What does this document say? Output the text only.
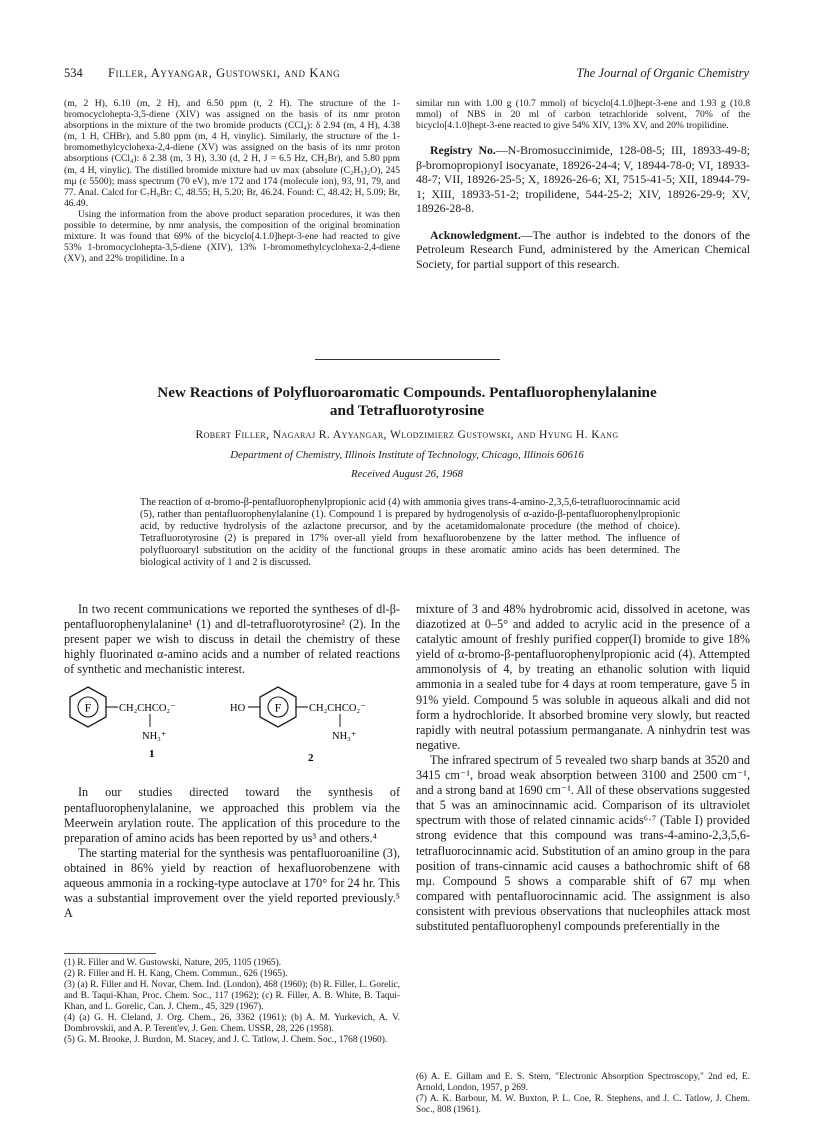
534 Filler, Ayyangar, Gustowski, and Kang	The Journal of Organic Chemistry

(m, 2 H), 6.10 (m, 2 H), and 6.50 ppm (t, 2 H). The structure of the 1-bromocyclohepta-3,5-diene (XIV) was assigned on the basis of its nmr proton absorptions in the mixture of the two bromide products (CCl₄): δ 2.94 (m, 4 H), 4.38 (m, 1 H, CHBr), and 5.80 ppm (m, 4 H, vinylic). Similarly, the structure of the 1-bromomethylcyclohexa-2,4-diene (XV) was assigned on the basis of its nmr proton absorptions (CCl₄): δ 2.38 (m, 3 H), 3.30 (d, 2 H, J = 6.5 Hz, CH₂Br), and 5.80 ppm (m, 4 H, vinylic). The distilled bromide mixture had uv max (absolute (C₂H₅)₂O), 245 mμ (ε 5500); mass spectrum (70 eV), m/e 172 and 174 (molecule ion), 93, 91, 79, and 77. Anal. Calcd for C₇H₉Br: C, 48.55; H, 5.20; Br, 46.24. Found: C, 48.42; H, 5.09; Br, 46.49.

Using the information from the above product separation procedures, it was then possible to determine, by nmr analysis, the composition of the original bromination mixture. It was found that 69% of the bicyclo[4.1.0]hept-3-ene had reacted to give 53% 1-bromocyclohepta-3,5-diene (XIV), 13% 1-bromomethylcyclohexa-2,4-diene (XV), and 22% tropilidine. In a

similar run with 1.00 g (10.7 mmol) of bicyclo[4.1.0]hept-3-ene and 1.93 g (10.8 mmol) of NBS in 20 ml of carbon tetrachloride solvent, 70% of the bicyclo[4.1.0]hept-3-ene reacted to give 54% XIV, 13% XV, and 20% tropilidine.

Registry No.—N-Bromosuccinimide, 128-08-5; III, 18933-49-8; β-bromopropionyl isocyanate, 18926-24-4; V, 18944-78-0; VI, 18933-48-7; VII, 18926-25-5; X, 18926-26-6; XI, 7515-41-5; XII, 18944-79-1; XIII, 18933-51-2; tropilidene, 544-25-2; XIV, 18926-29-9; XV, 18926-28-8.

Acknowledgment.—The author is indebted to the donors of the Petroleum Research Fund, administered by the American Chemical Society, for partial support of this research.

New Reactions of Polyfluoroaromatic Compounds. Pentafluorophenylalanine
and Tetrafluorotyrosine
Robert Filler, Nagaraj R. Ayyangar, Wlodzimierz Gustowski, and Hyung H. Kang
Department of Chemistry, Illinois Institute of Technology, Chicago, Illinois 60616
Received August 26, 1968
The reaction of α-bromo-β-pentafluorophenylpropionic acid (4) with ammonia gives trans-4-amino-2,3,5,6-tetrafluorocinnamic acid (5), rather than pentafluorophenylalanine (1). Compound 1 is prepared by hydrogenolysis of α-azido-β-pentafluorophenylpropionic acid, by reductive hydrolysis of the azlactone precursor, and by the acetamidomalonate procedure (the method of choice). Tetrafluorotyrosine (2) is prepared in 17% over-all yield from hexafluorobenzene by the latter method. The influence of polyfluoroaryl substitution on the acidity of the functional groups in these aromatic amino acids has been determined. The biological activity of 1 and 2 is discussed.

In two recent communications we reported the syntheses of dl-β-pentafluorophenylalanine¹ (1) and dl-tetrafluorotyrosine² (2). In the present paper we wish to discuss in detail the chemistry of these highly fluorinated α-amino acids and a number of related reactions of synthetic and mechanistic interest.

F	CH₂CHCO₂⁻
NH₃⁺
1
HO F	CH₂CHCO₂⁻
NH₃⁺
2

In our studies directed toward the synthesis of pentafluorophenylalanine, we approached this problem via the Meerwein arylation route. The application of this procedure to the preparation of amino acids has been reported by us³ and others.⁴

The starting material for the synthesis was pentafluoroaniline (3), obtained in 86% yield by reaction of hexafluorobenzene with aqueous ammonia in a rocking-type autoclave at 170° for 24 hr. This was a substantial improvement over the yield reported previously.⁵ A

mixture of 3 and 48% hydrobromic acid, dissolved in acetone, was diazotized at 0–5° and added to acrylic acid in the presence of a catalytic amount of freshly purified copper(I) bromide to give 18% yield of α-bromo-β-pentafluorophenylpropionic acid (4). Attempted ammonolysis of 4, by treating an ethanolic solution with liquid ammonia in a sealed tube for 4 days at room temperature, gave 5 in 91% yield. Compound 5 was soluble in aqueous alkali and did not form a hydrochloride. It absorbed bromine very slowly, but reacted rapidly with neutral potassium permanganate. A ninhydrin test was negative.

The infrared spectrum of 5 revealed two sharp bands at 3520 and 3415 cm⁻¹, broad weak absorption between 3100 and 2500 cm⁻¹, and a strong band at 1690 cm⁻¹. All of these observations suggested that 5 was an aminocinnamic acid. Comparison of its ultraviolet spectrum with those of related cinnamic acids⁶·⁷ (Table I) provided strong evidence that this compound was trans-4-amino-2,3,5,6-tetrafluorocinnamic acid. Substitution of an amino group in the para position of trans-cinnamic acid causes a bathochromic shift of 68 mμ. Compound 5 shows a comparable shift of 67 mμ when compared with pentafluorocinnamic acid. The assignment is also consistent with previous observations that nucleophiles attack most substituted pentafluorophenyl compounds preferentially in the

(1) R. Filler and W. Gustowski, Nature, 205, 1105 (1965).

(2) R. Filler and H. H. Kang, Chem. Commun., 626 (1965).

(3) (a) R. Filler and H. Novar, Chem. Ind. (London), 468 (1960); (b) R. Filler, L. Gorelic, and B. Taqui-Khan, Proc. Chem. Soc., 117 (1962); (c) R. Filler, A. B. White, B. Taqui-Khan, and L. Gorelic, Can. J. Chem., 45, 329 (1967).

(4) (a) G. H. Cleland, J. Org. Chem., 26, 3362 (1961); (b) A. M. Yurkevich, A. V. Dombrovskii, and A. P. Terent'ev, J. Gen. Chem. USSR, 28, 226 (1958).

(5) G. M. Brooke, J. Burdon, M. Stacey, and J. C. Tatlow, J. Chem. Soc., 1768 (1960).

(6) A. E. Gillam and E. S. Stern, "Electronic Absorption Spectroscopy," 2nd ed, E. Arnold, London, 1957, p 269.

(7) A. K. Barbour, M. W. Buxton, P. L. Coe, R. Stephens, and J. C. Tatlow, J. Chem. Soc., 808 (1961).
